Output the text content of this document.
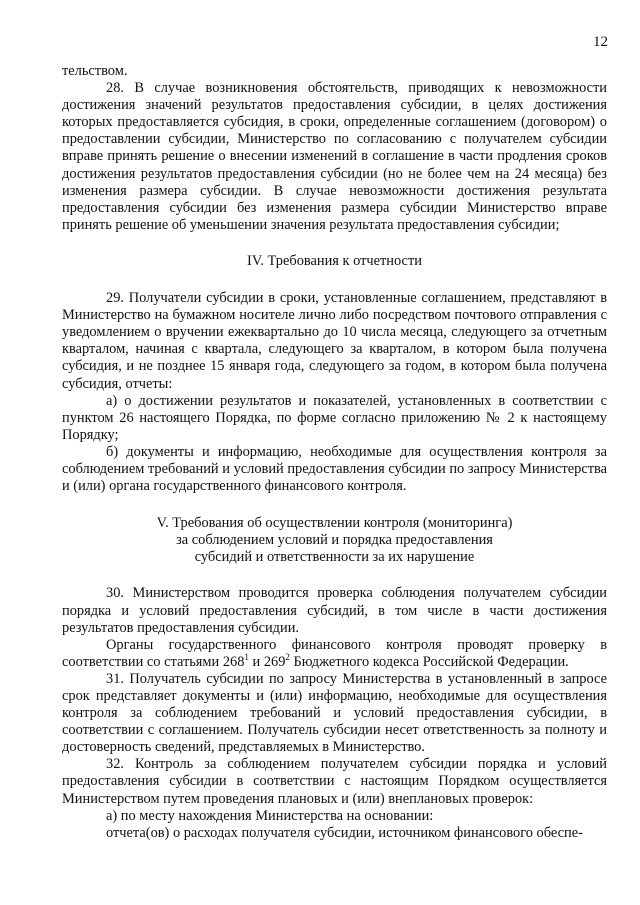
12

тельством.

28. В случае возникновения обстоятельств, приводящих к невозможности достижения значений результатов предоставления субсидии, в целях достижения которых предоставляется субсидия, в сроки, определенные соглашением (договором) о предоставлении субсидии, Министерство по согласованию с получателем субсидии вправе принять решение о внесении изменений в соглашение в части продления сроков достижения результатов предоставления субсидии (но не более чем на 24 месяца) без изменения размера субсидии. В случае невозможности достижения результата предоставления субсидии без изменения размера субсидии Министерство вправе принять решение об уменьшении значения результата предоставления субсидии;

IV. Требования к отчетности

29. Получатели субсидии в сроки, установленные соглашением, представляют в Министерство на бумажном носителе лично либо посредством почтового отправления с уведомлением о вручении ежеквартально до 10 числа месяца, следующего за отчетным кварталом, начиная с квартала, следующего за кварталом, в котором была получена субсидия, и не позднее 15 января года, следующего за годом, в котором была получена субсидия, отчеты:

а) о достижении результатов и показателей, установленных в соответствии с пунктом 26 настоящего Порядка, по форме согласно приложению № 2 к настоящему Порядку;

б) документы и информацию, необходимые для осуществления контроля за соблюдением требований и условий предоставления субсидии по запросу Министерства и (или) органа государственного финансового контроля.

V. Требования об осуществлении контроля (мониторинга)
за соблюдением условий и порядка предоставления
субсидий и ответственности за их нарушение

30. Министерством проводится проверка соблюдения получателем субсидии порядка и условий предоставления субсидий, в том числе в части достижения результатов предоставления субсидии.

Органы государственного финансового контроля проводят проверку в соответствии со статьями $268^1$ и $269^2$ Бюджетного кодекса Российской Федерации.

31. Получатель субсидии по запросу Министерства в установленный в запросе срок представляет документы и (или) информацию, необходимые для осуществления контроля за соблюдением требований и условий предоставления субсидии, в соответствии с соглашением. Получатель субсидии несет ответственность за полноту и достоверность сведений, представляемых в Министерство.

32. Контроль за соблюдением получателем субсидии порядка и условий предоставления субсидии в соответствии с настоящим Порядком осуществляется Министерством путем проведения плановых и (или) внеплановых проверок:

а) по месту нахождения Министерства на основании:

отчета(ов) о расходах получателя субсидии, источником финансового обеспе-
